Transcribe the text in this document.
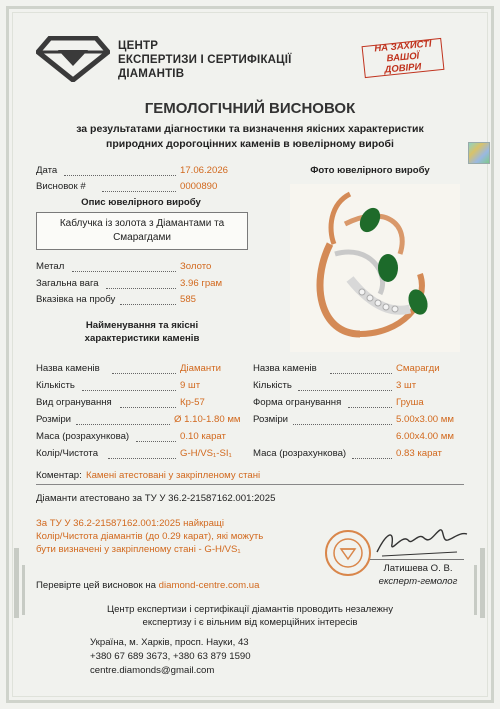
ЦЕНТР
ЕКСПЕРТИЗИ І СЕРТИФІКАЦІЇ
ДІАМАНТІВ
НА ЗАХИСТІ
ВАШОЇ
ДОВІРИ
ГЕМОЛОГІЧНИЙ ВИСНОВОК
за результатами діагностики та визначення якісних характеристик
природних дорогоцінних каменів в ювелірному виробі
Дата	17.06.2026
Висновок #	0000890
Опис ювелірного виробу
Каблучка із золота з Діамантами та
Смарагдами
Метал	Золото
Загальна вага	3.96 грам
Вказівка на пробу	585
Фото ювелірного виробу
Найменування та якісні
характеристики каменів
Назва каменів	Діаманти
Кількість	9 шт
Вид огранування	Кр-57
Розміри	Ø 1.10-1.80 мм
Маса (розрахункова)	0.10 карат
Колір/Чистота	G-H/VS₁-SI₁
Назва каменів	Смарагди
Кількість	3 шт
Форма огранування	Груша
Розміри	5.00х3.00 мм
6.00х4.00 мм
Маса (розрахункова)	0.83 карат
Коментар: Камені атестовані у закріпленому стані
Діаманти атестовано за ТУ У 36.2-21587162.001:2025
За ТУ У 36.2-21587162.001:2025 найкращі
Колір/Чистота діамантів (до 0.29 карат), які можуть
бути визначені у закріпленому стані - G-H/VS₁
Латишева О. В.
експерт-гемолог
Перевірте цей висновок на diamond-centre.com.ua
Центр експертизи і сертифікації діамантів проводить незалежну
експертизу і є вільним від комерційних інтересів
Україна, м. Харків, просп. Науки, 43
+380 67 689 3673, +380 63 879 1590
centre.diamonds@gmail.com
